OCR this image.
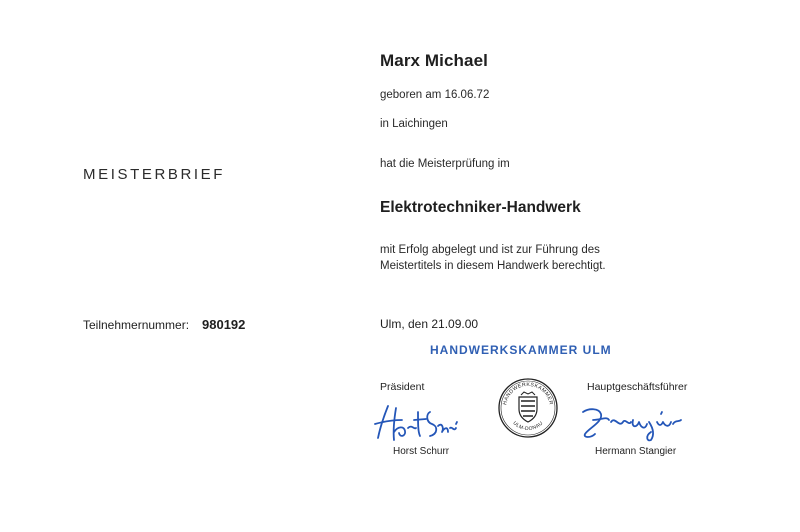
Marx Michael
geboren am 16.06.72
in Laichingen
hat die Meisterprüfung im
Elektrotechniker-Handwerk
mit Erfolg abgelegt und ist zur Führung des
Meistertitels in diesem Handwerk berechtigt.
MEISTERBRIEF
Teilnehmernummer: 980192	Ulm, den 21.09.00
HANDWERKSKAMMER ULM
Präsident	Hauptgeschäftsführer
HANDWERKSKAMMER
ULM-DONAU
Horst Schurr	Hermann Stangier
